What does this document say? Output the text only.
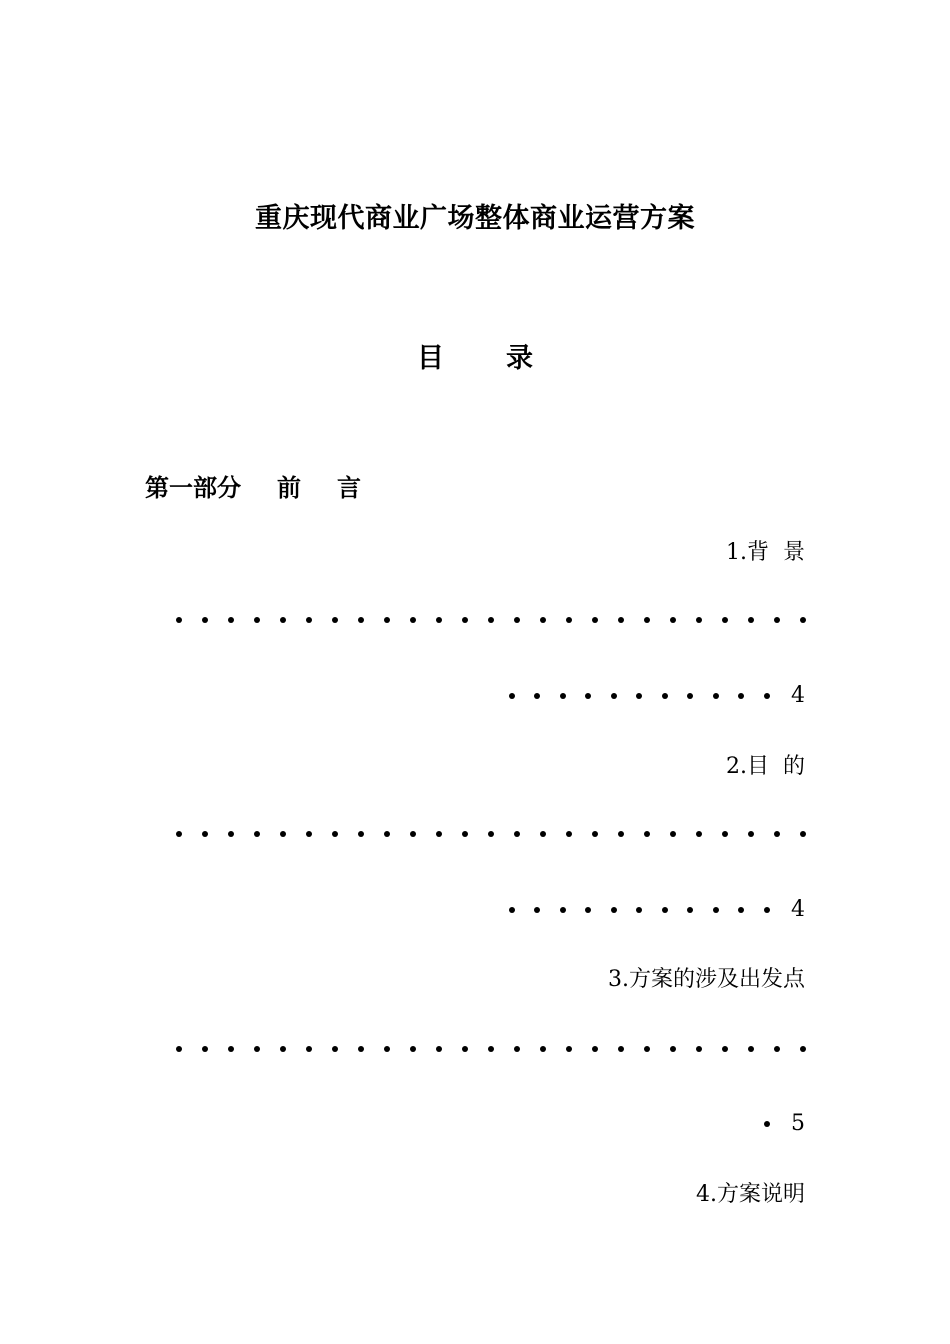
重庆现代商业广场整体商业运营方案
目 录
第一部分 前 言
1.背  景
4
2.目  的
4
3.方案的涉及出发点
5
4.方案说明
